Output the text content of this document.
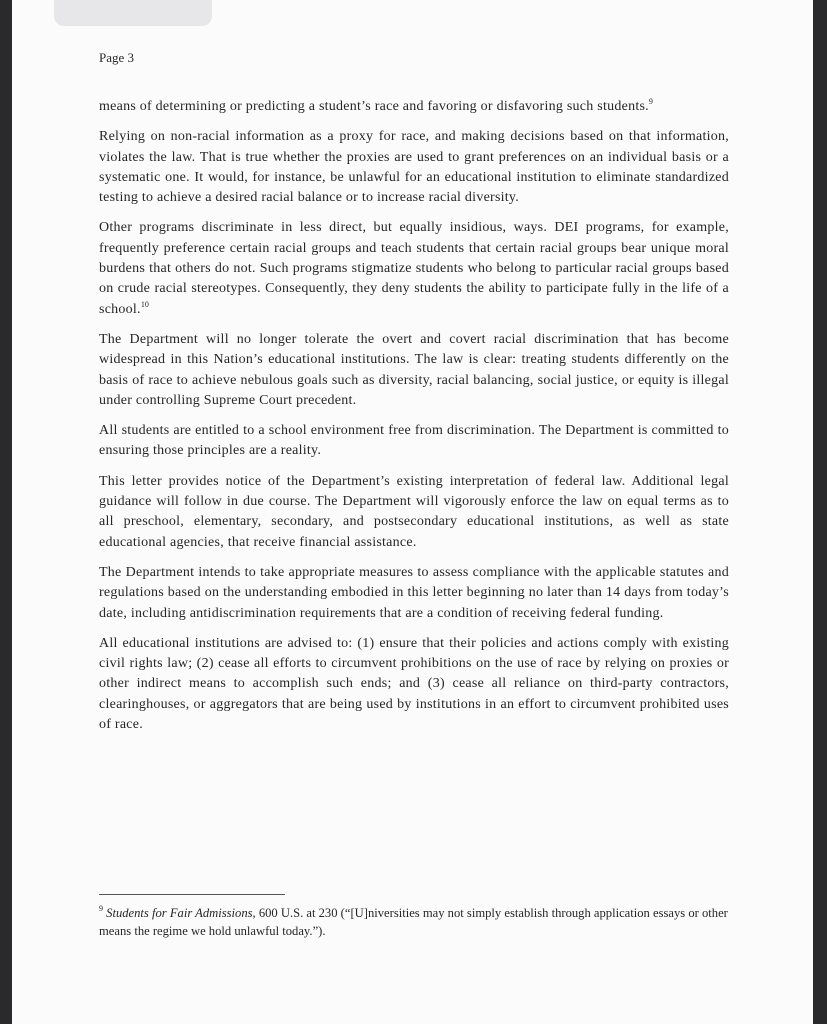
Page 3

means of determining or predicting a student’s race and favoring or disfavoring such students.$^9$

Relying on non-racial information as a proxy for race, and making decisions based on that information, violates the law. That is true whether the proxies are used to grant preferences on an individual basis or a systematic one. It would, for instance, be unlawful for an educational institution to eliminate standardized testing to achieve a desired racial balance or to increase racial diversity.

Other programs discriminate in less direct, but equally insidious, ways. DEI programs, for example, frequently preference certain racial groups and teach students that certain racial groups bear unique moral burdens that others do not. Such programs stigmatize students who belong to particular racial groups based on crude racial stereotypes. Consequently, they deny students the ability to participate fully in the life of a school.$^{10}$

The Department will no longer tolerate the overt and covert racial discrimination that has become widespread in this Nation’s educational institutions. The law is clear: treating students differently on the basis of race to achieve nebulous goals such as diversity, racial balancing, social justice, or equity is illegal under controlling Supreme Court precedent.

All students are entitled to a school environment free from discrimination. The Department is committed to ensuring those principles are a reality.

This letter provides notice of the Department’s existing interpretation of federal law. Additional legal guidance will follow in due course. The Department will vigorously enforce the law on equal terms as to all preschool, elementary, secondary, and postsecondary educational institutions, as well as state educational agencies, that receive financial assistance.

The Department intends to take appropriate measures to assess compliance with the applicable statutes and regulations based on the understanding embodied in this letter beginning no later than 14 days from today’s date, including antidiscrimination requirements that are a condition of receiving federal funding.

All educational institutions are advised to: (1) ensure that their policies and actions comply with existing civil rights law; (2) cease all efforts to circumvent prohibitions on the use of race by relying on proxies or other indirect means to accomplish such ends; and (3) cease all reliance on third-party contractors, clearinghouses, or aggregators that are being used by institutions in an effort to circumvent prohibited uses of race.

$^9$ Students for Fair Admissions, 600 U.S. at 230 (“[U]niversities may not simply establish through application essays or other means the regime we hold unlawful today.”).
